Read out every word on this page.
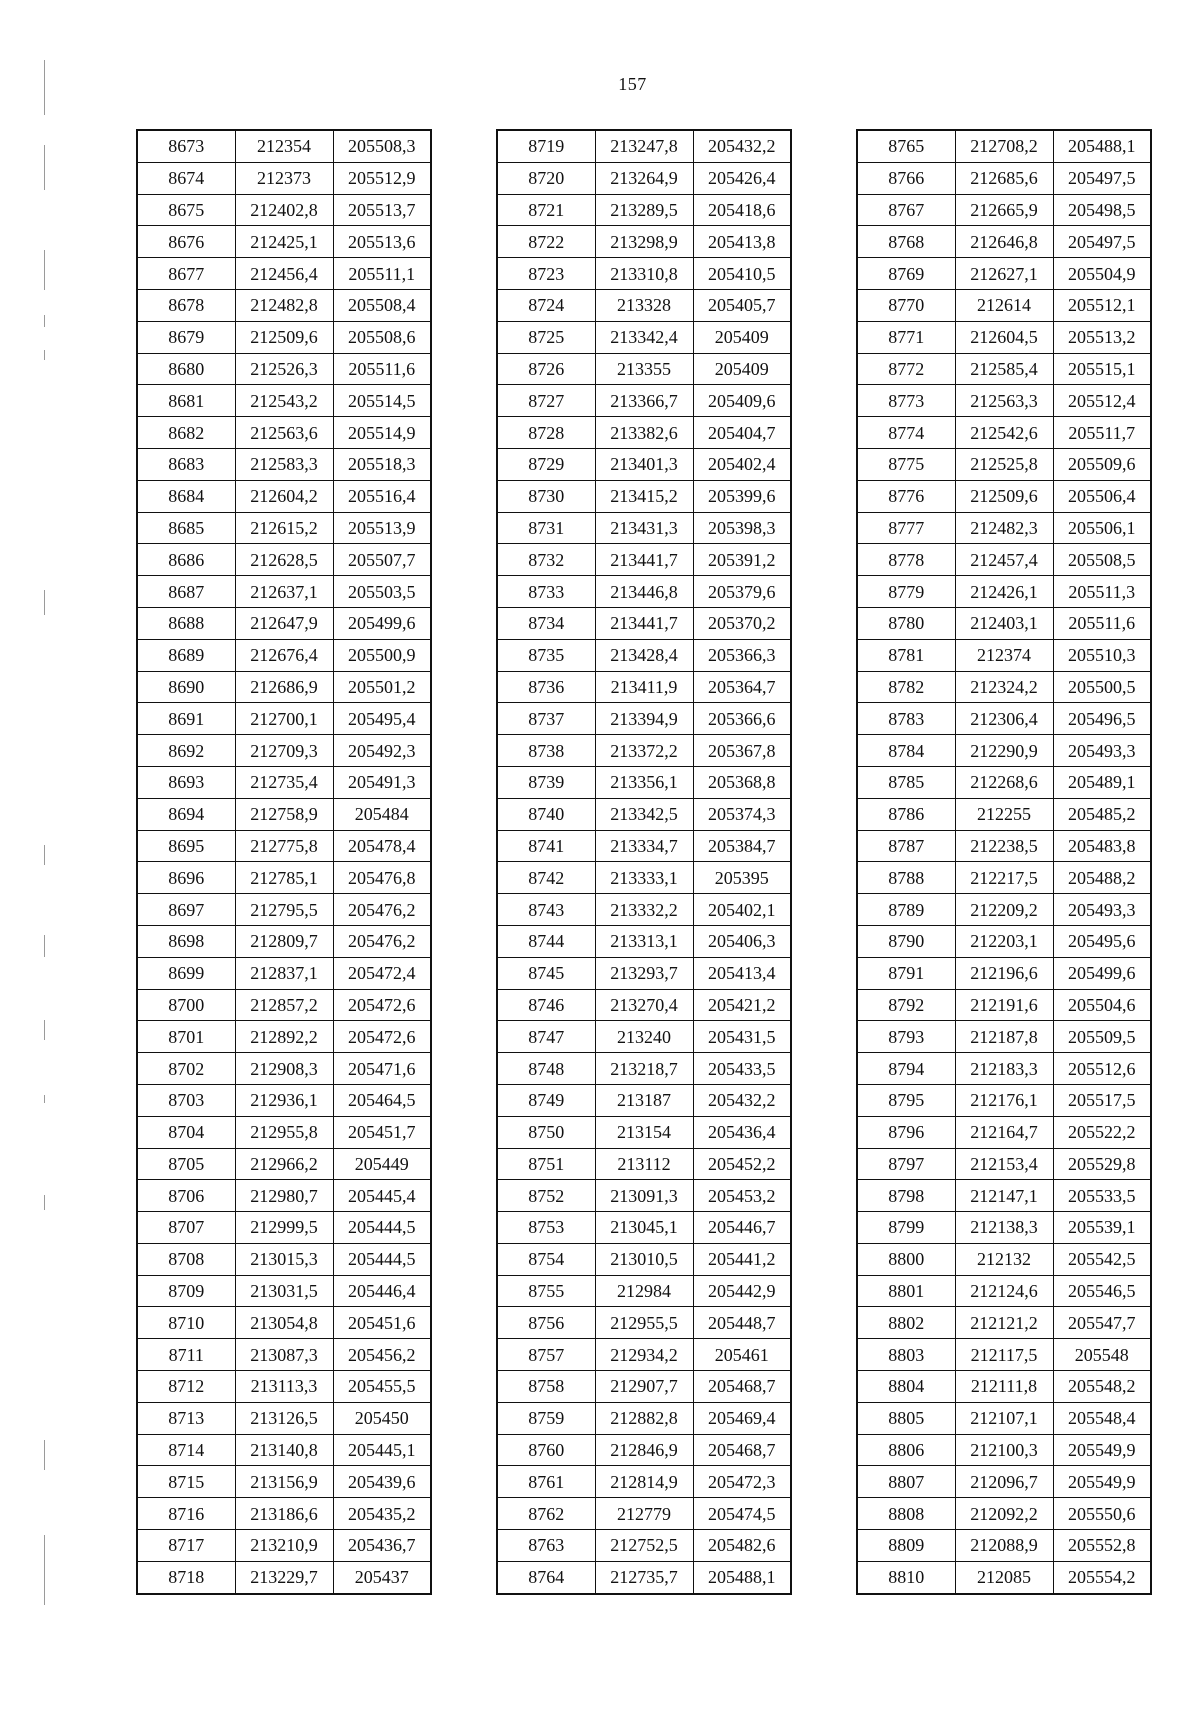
157
8673	212354	205508,3
8674	212373	205512,9
8675	212402,8	205513,7
8676	212425,1	205513,6
8677	212456,4	205511,1
8678	212482,8	205508,4
8679	212509,6	205508,6
8680	212526,3	205511,6
8681	212543,2	205514,5
8682	212563,6	205514,9
8683	212583,3	205518,3
8684	212604,2	205516,4
8685	212615,2	205513,9
8686	212628,5	205507,7
8687	212637,1	205503,5
8688	212647,9	205499,6
8689	212676,4	205500,9
8690	212686,9	205501,2
8691	212700,1	205495,4
8692	212709,3	205492,3
8693	212735,4	205491,3
8694	212758,9	205484
8695	212775,8	205478,4
8696	212785,1	205476,8
8697	212795,5	205476,2
8698	212809,7	205476,2
8699	212837,1	205472,4
8700	212857,2	205472,6
8701	212892,2	205472,6
8702	212908,3	205471,6
8703	212936,1	205464,5
8704	212955,8	205451,7
8705	212966,2	205449
8706	212980,7	205445,4
8707	212999,5	205444,5
8708	213015,3	205444,5
8709	213031,5	205446,4
8710	213054,8	205451,6
8711	213087,3	205456,2
8712	213113,3	205455,5
8713	213126,5	205450
8714	213140,8	205445,1
8715	213156,9	205439,6
8716	213186,6	205435,2
8717	213210,9	205436,7
8718	213229,7	205437
8719	213247,8	205432,2
8720	213264,9	205426,4
8721	213289,5	205418,6
8722	213298,9	205413,8
8723	213310,8	205410,5
8724	213328	205405,7
8725	213342,4	205409
8726	213355	205409
8727	213366,7	205409,6
8728	213382,6	205404,7
8729	213401,3	205402,4
8730	213415,2	205399,6
8731	213431,3	205398,3
8732	213441,7	205391,2
8733	213446,8	205379,6
8734	213441,7	205370,2
8735	213428,4	205366,3
8736	213411,9	205364,7
8737	213394,9	205366,6
8738	213372,2	205367,8
8739	213356,1	205368,8
8740	213342,5	205374,3
8741	213334,7	205384,7
8742	213333,1	205395
8743	213332,2	205402,1
8744	213313,1	205406,3
8745	213293,7	205413,4
8746	213270,4	205421,2
8747	213240	205431,5
8748	213218,7	205433,5
8749	213187	205432,2
8750	213154	205436,4
8751	213112	205452,2
8752	213091,3	205453,2
8753	213045,1	205446,7
8754	213010,5	205441,2
8755	212984	205442,9
8756	212955,5	205448,7
8757	212934,2	205461
8758	212907,7	205468,7
8759	212882,8	205469,4
8760	212846,9	205468,7
8761	212814,9	205472,3
8762	212779	205474,5
8763	212752,5	205482,6
8764	212735,7	205488,1
8765	212708,2	205488,1
8766	212685,6	205497,5
8767	212665,9	205498,5
8768	212646,8	205497,5
8769	212627,1	205504,9
8770	212614	205512,1
8771	212604,5	205513,2
8772	212585,4	205515,1
8773	212563,3	205512,4
8774	212542,6	205511,7
8775	212525,8	205509,6
8776	212509,6	205506,4
8777	212482,3	205506,1
8778	212457,4	205508,5
8779	212426,1	205511,3
8780	212403,1	205511,6
8781	212374	205510,3
8782	212324,2	205500,5
8783	212306,4	205496,5
8784	212290,9	205493,3
8785	212268,6	205489,1
8786	212255	205485,2
8787	212238,5	205483,8
8788	212217,5	205488,2
8789	212209,2	205493,3
8790	212203,1	205495,6
8791	212196,6	205499,6
8792	212191,6	205504,6
8793	212187,8	205509,5
8794	212183,3	205512,6
8795	212176,1	205517,5
8796	212164,7	205522,2
8797	212153,4	205529,8
8798	212147,1	205533,5
8799	212138,3	205539,1
8800	212132	205542,5
8801	212124,6	205546,5
8802	212121,2	205547,7
8803	212117,5	205548
8804	212111,8	205548,2
8805	212107,1	205548,4
8806	212100,3	205549,9
8807	212096,7	205549,9
8808	212092,2	205550,6
8809	212088,9	205552,8
8810	212085	205554,2
